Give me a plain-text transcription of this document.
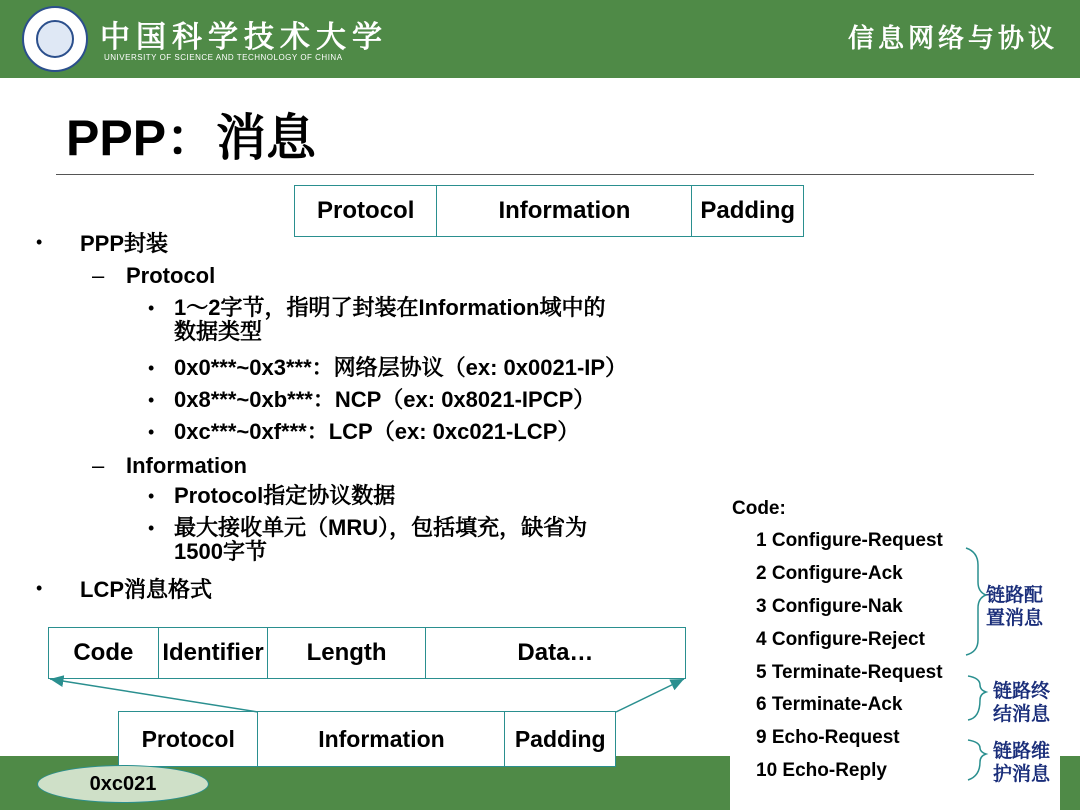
中国科学技术大学
UNIVERSITY OF SCIENCE AND TECHNOLOGY OF CHINA
信息网络与协议
PPP：消息
Protocol	Information	Padding
• PPP封装
– Protocol
• 1～2字节，指明了封装在Information域中的
数据类型
• 0x0***~0x3***：网络层协议（ex: 0x0021-IP）
• 0x8***~0xb***：NCP（ex: 0x8021-IPCP）
• 0xc***~0xf***：LCP（ex: 0xc021-LCP）
– Information
• Protocol指定协议数据
• 最大接收单元（MRU），包括填充，缺省为
1500字节
• LCP消息格式
Code	Identifier	Length	Data…
Protocol	Information	Padding
0xc021
Code:
1 Configure-Request
2 Configure-Ack
3 Configure-Nak
4 Configure-Reject
5 Terminate-Request
6 Terminate-Ack
9 Echo-Request
10 Echo-Reply
链路配
置消息
链路终
结消息
链路维
护消息
